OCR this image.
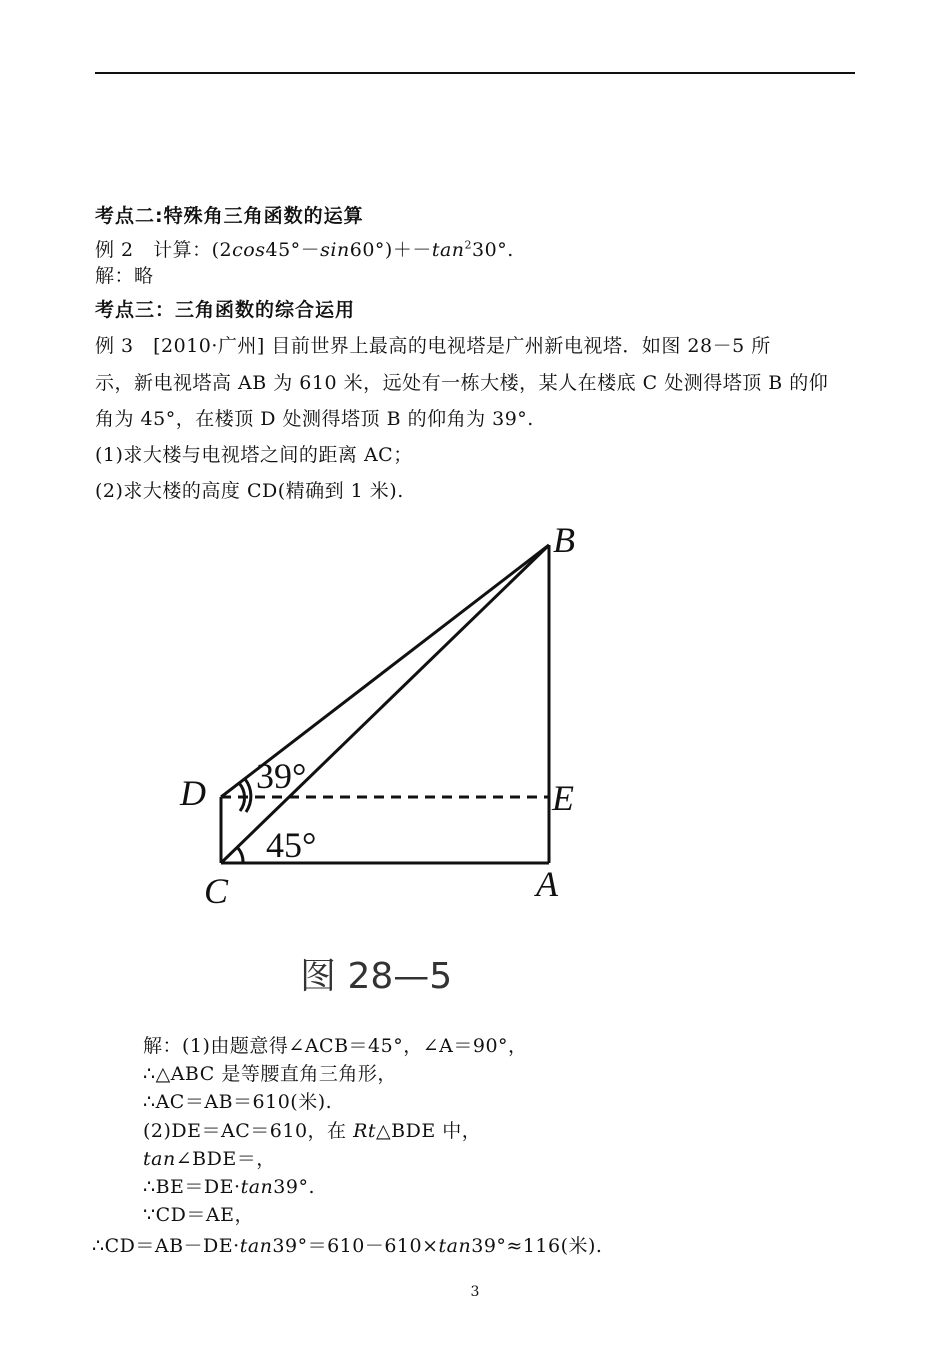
考点二:特殊角三角函数的运算
例 2　计算：$(2\cos 45^\circ-\sin 60^\circ)+-\tan^230^\circ$.
解：略
考点三：三角函数的综合运用
例 3　[2010·广州] 目前世界上最高的电视塔是广州新电视塔．如图 28－5 所
示，新电视塔高 AB 为 610 米，远处有一栋大楼，某人在楼底 C 处测得塔顶 B 的仰
角为 45°，在楼顶 D 处测得塔顶 B 的仰角为 39°.
(1)求大楼与电视塔之间的距离 AC；
(2)求大楼的高度 CD(精确到 1 米).
B
D	E
C	A
39°
45°
图 28—5
解：(1)由题意得∠ACB＝45°，∠A＝90°，
∴△ABC 是等腰直角三角形，
∴AC＝AB＝610(米).
(2)DE＝AC＝610，在 Rt△BDE 中，
tan∠BDE＝，
∴BE＝DE·tan39°.
∵CD＝AE，
∴CD＝AB－DE·tan39°＝610－610×tan39°≈116(米).
3
